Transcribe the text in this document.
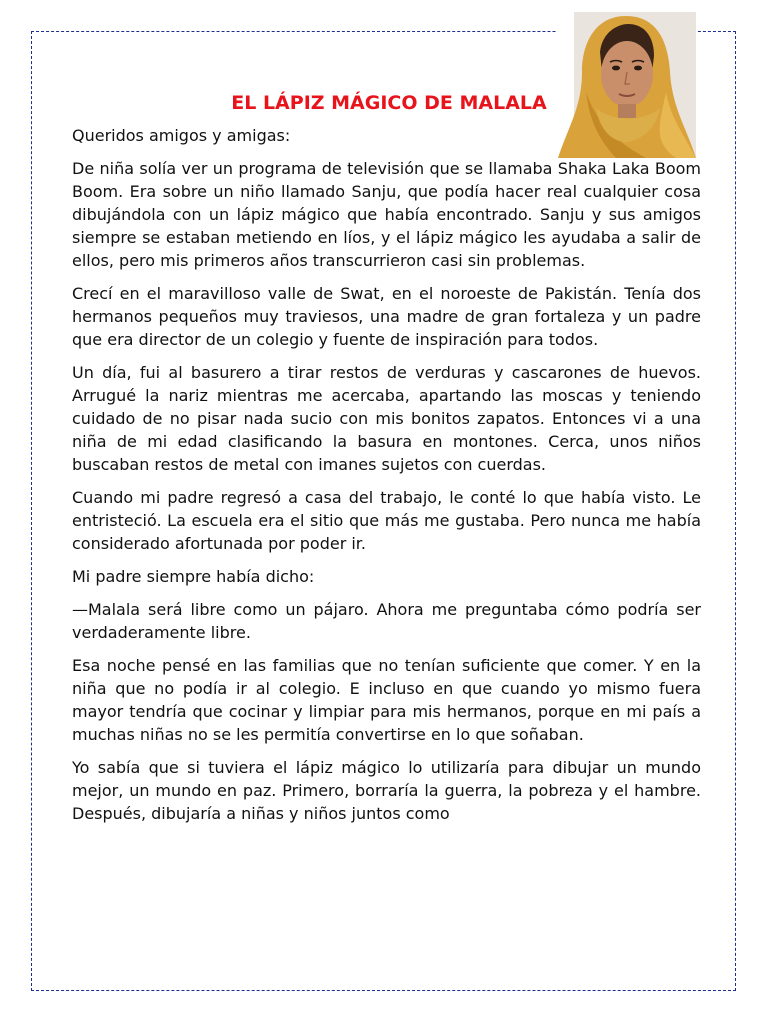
EL LÁPIZ MÁGICO DE MALALA

Queridos amigos y amigas:

De niña solía ver un programa de televisión que se llamaba Shaka Laka Boom Boom. Era sobre un niño llamado Sanju, que podía hacer real cualquier cosa dibujándola con un lápiz mágico que había encontrado. Sanju y sus amigos siempre se estaban metiendo en líos, y el lápiz mágico les ayudaba a salir de ellos, pero mis primeros años transcurrieron casi sin problemas.

Crecí en el maravilloso valle de Swat, en el noroeste de Pakistán. Tenía dos hermanos pequeños muy traviesos, una madre de gran fortaleza y un padre que era director de un colegio y fuente de inspiración para todos.

Un día, fui al basurero a tirar restos de verduras y cascarones de huevos. Arrugué la nariz mientras me acercaba, apartando las moscas y teniendo cuidado de no pisar nada sucio con mis bonitos zapatos. Entonces vi a una niña de mi edad clasificando la basura en montones. Cerca, unos niños buscaban restos de metal con imanes sujetos con cuerdas.

Cuando mi padre regresó a casa del trabajo, le conté lo que había visto. Le entristeció. La escuela era el sitio que más me gustaba. Pero nunca me había considerado afortunada por poder ir.

Mi padre siempre había dicho:

—Malala será libre como un pájaro. Ahora me preguntaba cómo podría ser verdaderamente libre.

Esa noche pensé en las familias que no tenían suficiente que comer. Y en la niña que no podía ir al colegio. E incluso en que cuando yo mismo fuera mayor tendría que cocinar y limpiar para mis hermanos, porque en mi país a muchas niñas no se les permitía convertirse en lo que soñaban.

Yo sabía que si tuviera el lápiz mágico lo utilizaría para dibujar un mundo mejor, un mundo en paz. Primero, borraría la guerra, la pobreza y el hambre. Después, dibujaría a niñas y niños juntos como
